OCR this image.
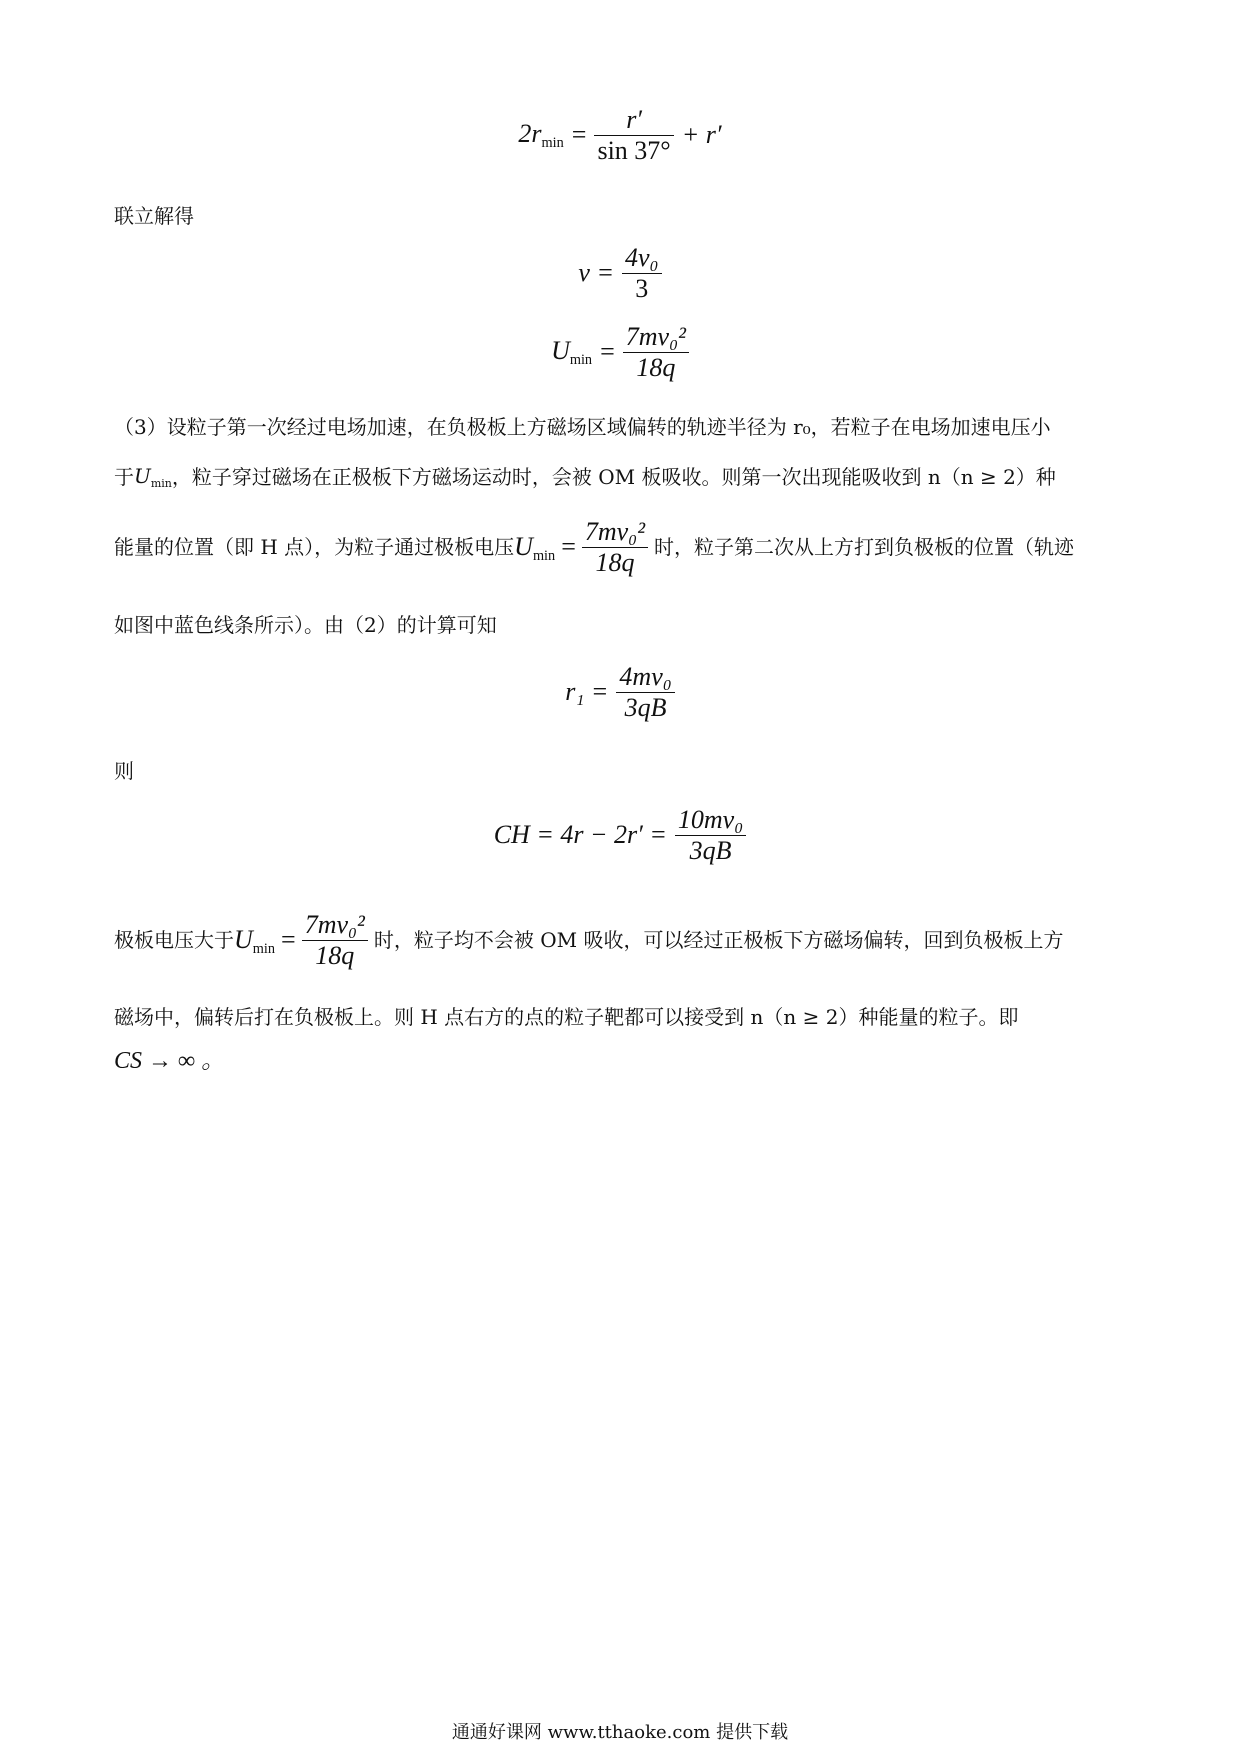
$2r_{min} = \frac{r'}{\sin 37^\circ} + r'$
联立解得
$v = \frac{\text{4v₀}}{3}$
$U_{min} = \frac{\text{7mv₀²}}{18q}$
（3）设粒子第一次经过电场加速，在负极板上方磁场区域偏转的轨迹半径为 r₀，若粒子在电场加速电压小
于 $U_{min}$ ，粒子穿过磁场在正极板下方磁场运动时，会被 OM 板吸收。则第一次出现能吸收到 n（n ≥ 2）种
能量的位置（即 H 点），为粒子通过极板电压 $U_{min} = \frac{\text{7mv₀²}}{18q}$ 时，粒子第二次从上方打到负极板的位置（轨迹
如图中蓝色线条所示）。由（2）的计算可知
$r_1 = \frac{\text{4mv₀}}{3qB}$
则
CH = $4r - 2r' = \frac{\text{10mv₀}}{3qB}$
极板电压大于 $U_{min} = \frac{\text{7mv₀²}}{18q}$ 时，粒子均不会被 OM 吸收，可以经过正极板下方磁场偏转，回到负极板上方
磁场中，偏转后打在负极板上。则 H 点右方的点的粒子靶都可以接受到 n（n ≥ 2）种能量的粒子。即
CS → ∞ 。
通通好课网 www.tthaoke.com 提供下载
